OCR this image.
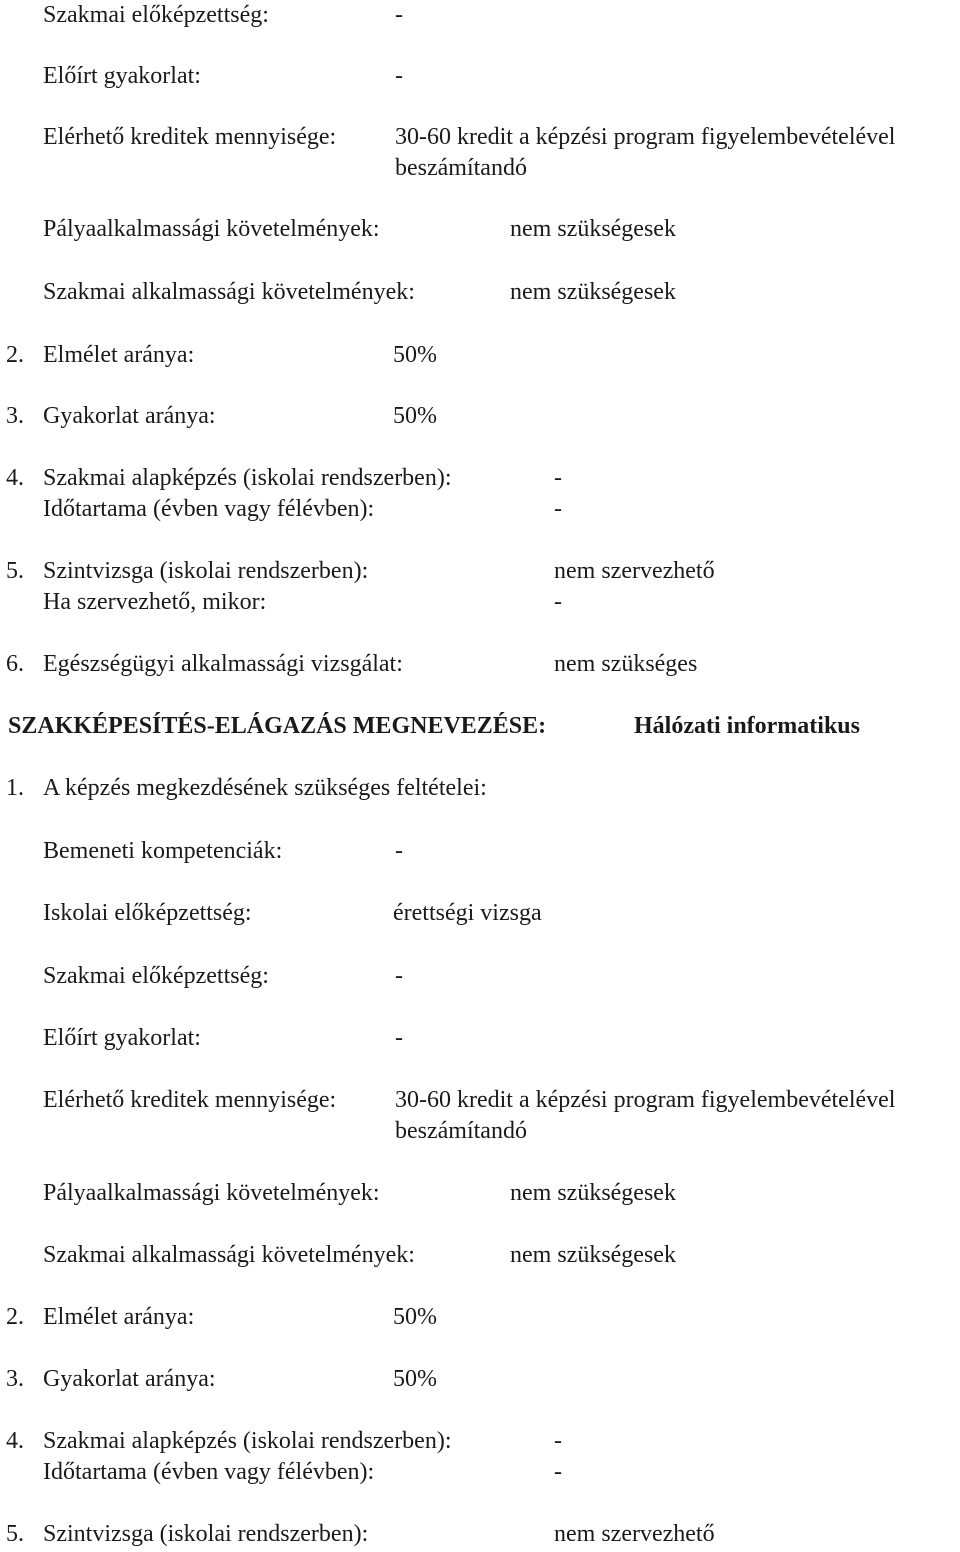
Szakmai előképzettség:	-
Előírt gyakorlat:	-
Elérhető kreditek mennyisége: 30-60 kredit a képzési program figyelembevételével
beszámítandó
Pályaalkalmassági követelmények:	nem szükségesek
Szakmai alkalmassági követelmények:	nem szükségesek
2. Elmélet aránya:	50%
3. Gyakorlat aránya:	50%
4. Szakmai alapképzés (iskolai rendszerben):	-
Időtartama (évben vagy félévben):	-
5. Szintvizsga (iskolai rendszerben):	nem szervezhető
Ha szervezhető, mikor:	-
6. Egészségügyi alkalmassági vizsgálat:	nem szükséges
SZAKKÉPESÍTÉS-ELÁGAZÁS MEGNEVEZÉSE:	Hálózati informatikus
1. A képzés megkezdésének szükséges feltételei:
Bemeneti kompetenciák:	-
Iskolai előképzettség:	érettségi vizsga
Szakmai előképzettség:	-
Előírt gyakorlat:	-
Elérhető kreditek mennyisége: 30-60 kredit a képzési program figyelembevételével
beszámítandó
Pályaalkalmassági követelmények:	nem szükségesek
Szakmai alkalmassági követelmények:	nem szükségesek
2. Elmélet aránya:	50%
3. Gyakorlat aránya:	50%
4. Szakmai alapképzés (iskolai rendszerben):	-
Időtartama (évben vagy félévben):	-
5. Szintvizsga (iskolai rendszerben):	nem szervezhető
